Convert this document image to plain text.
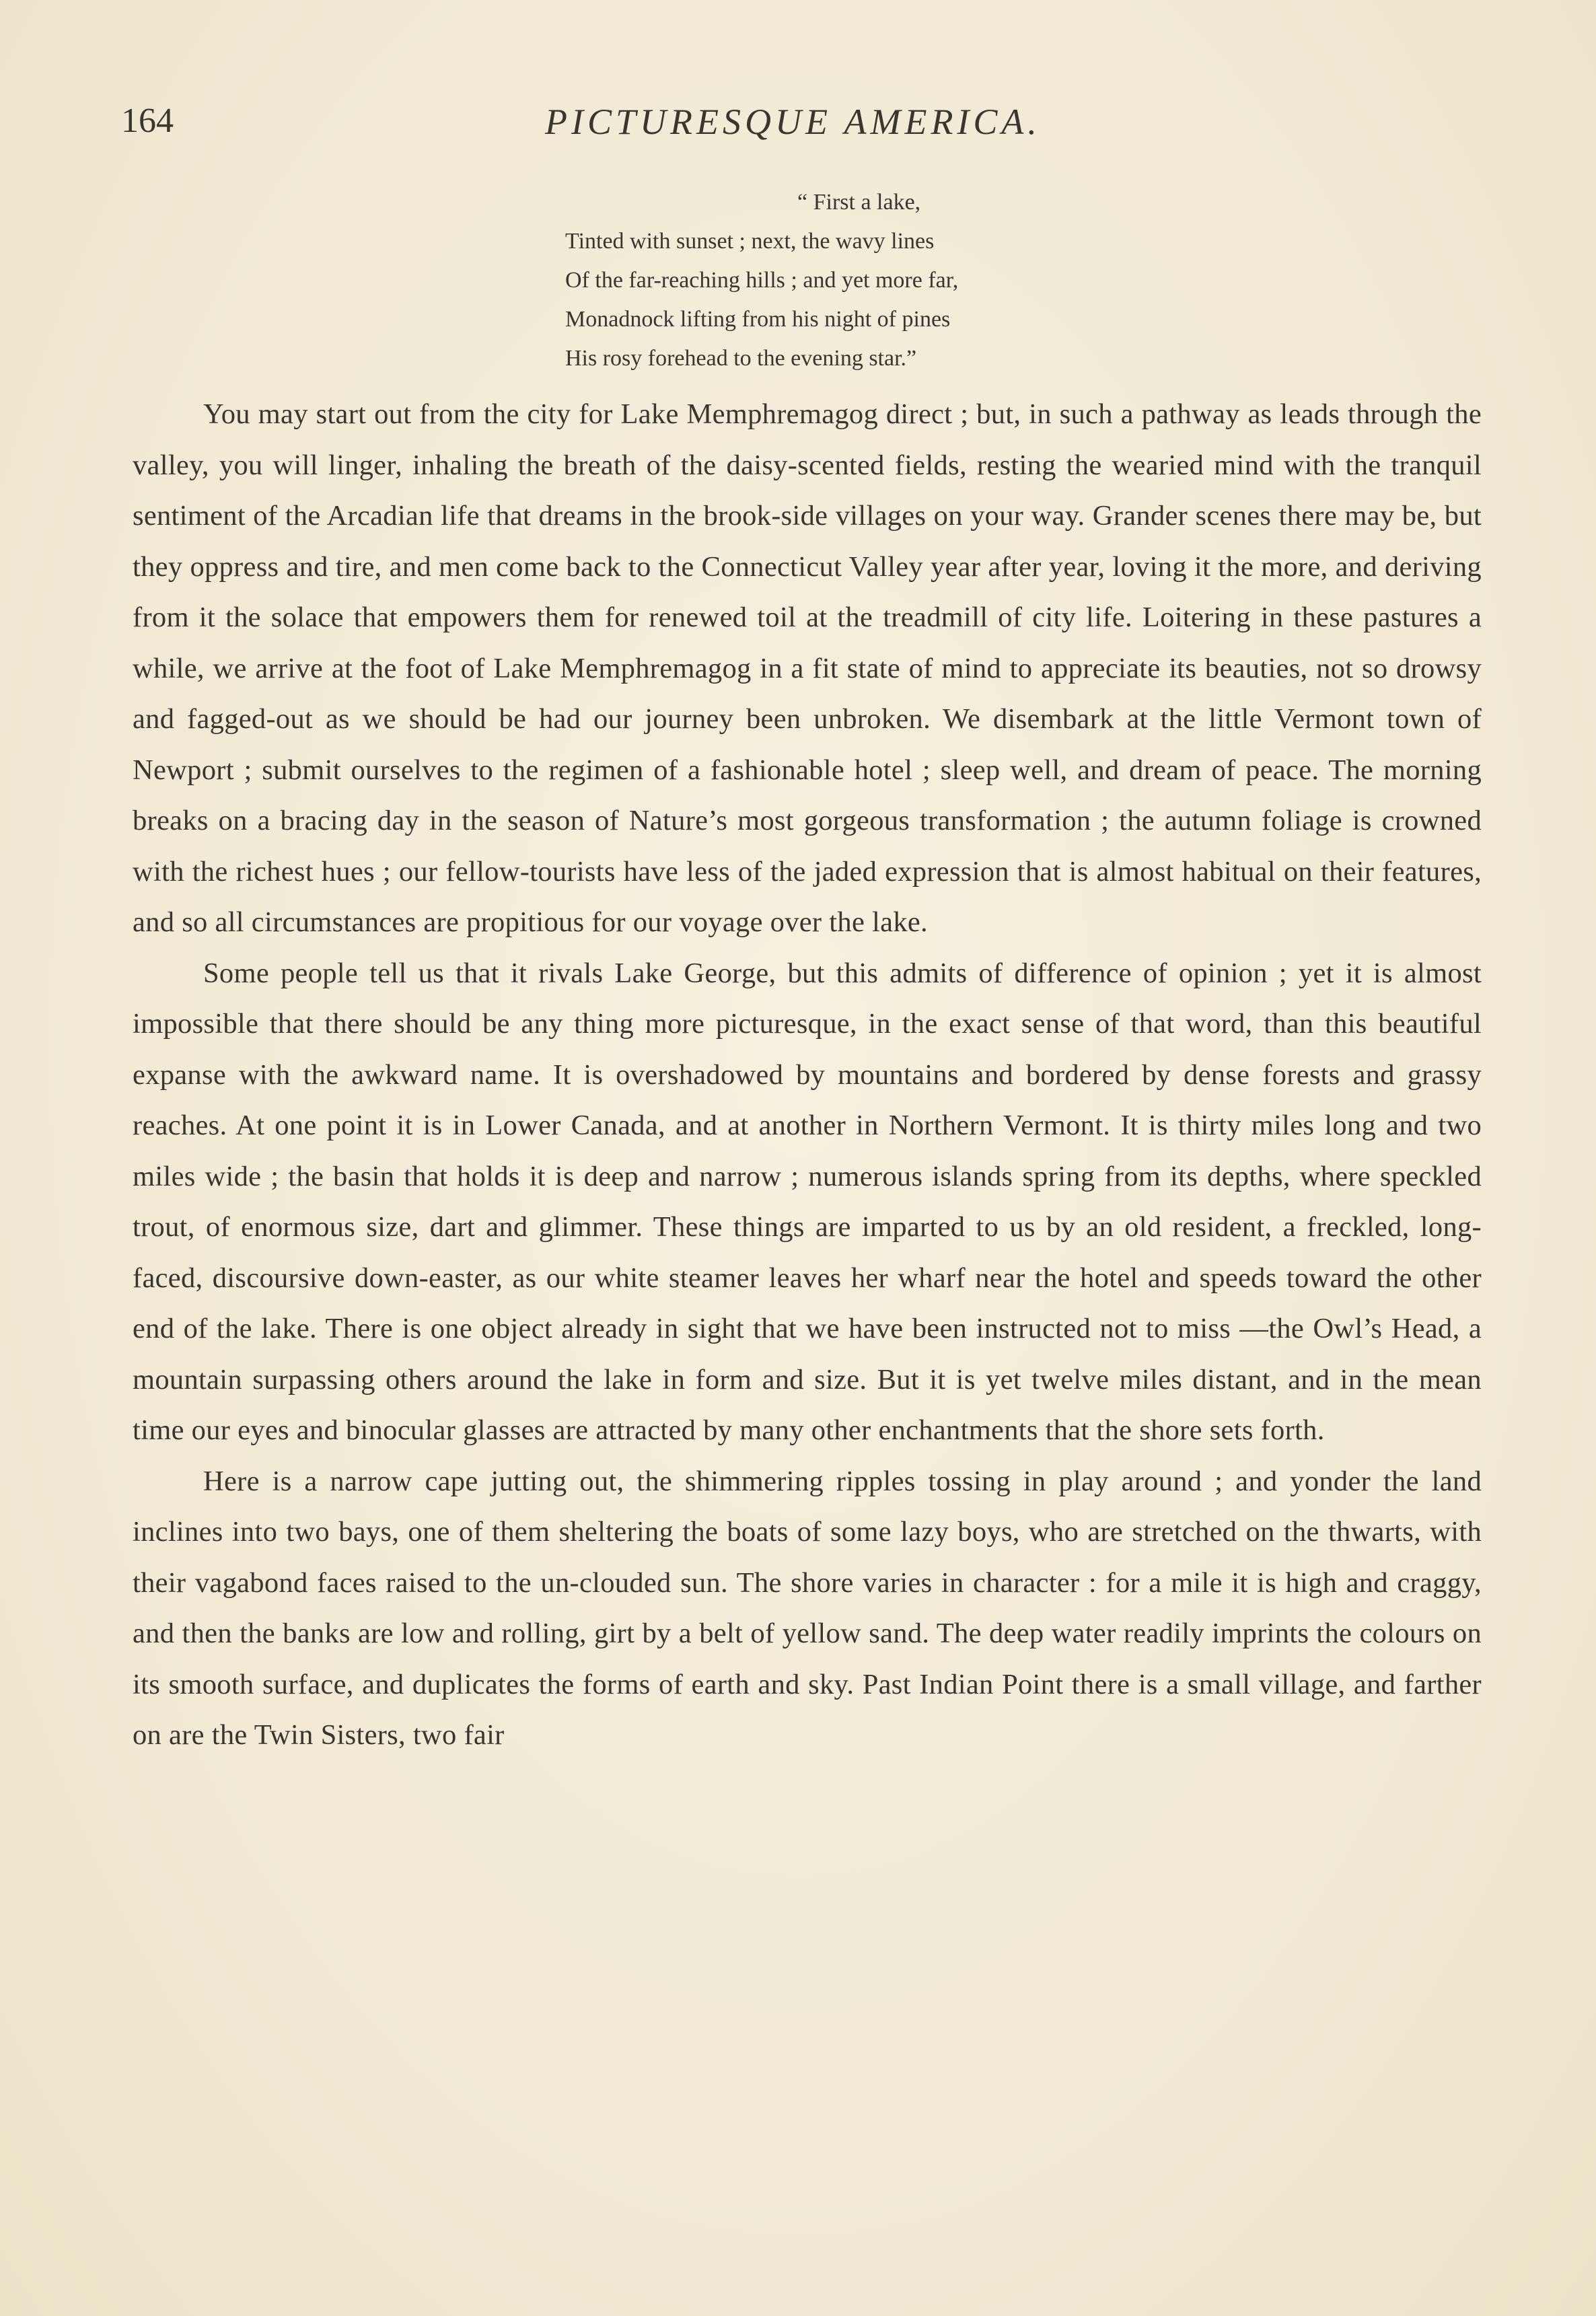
164	PICTURESQUE AMERICA.
“ First a lake,
Tinted with sunset ; next, the wavy lines
Of the far-reaching hills ; and yet more far,
Monadnock lifting from his night of pines
His rosy forehead to the evening star.”

You may start out from the city for Lake Memphremagog direct ; but, in such a pathway as leads through the valley, you will linger, inhaling the breath of the daisy-scented fields, resting the wearied mind with the tranquil sentiment of the Arcadian life that dreams in the brook-side villages on your way. Grander scenes there may be, but they oppress and tire, and men come back to the Connecticut Valley year after year, loving it the more, and deriving from it the solace that empowers them for renewed toil at the treadmill of city life. Loitering in these pastures a while, we arrive at the foot of Lake Memphremagog in a fit state of mind to appreciate its beauties, not so drowsy and fagged-out as we should be had our journey been unbroken. We disembark at the little Vermont town of Newport ; submit ourselves to the regimen of a fashionable hotel ; sleep well, and dream of peace. The morning breaks on a bracing day in the season of Nature’s most gorgeous transformation ; the autumn foliage is crowned with the richest hues ; our fellow-tourists have less of the jaded expression that is almost habitual on their features, and so all circumstances are propitious for our voyage over the lake.

Some people tell us that it rivals Lake George, but this admits of difference of opinion ; yet it is almost impossible that there should be any thing more picturesque, in the exact sense of that word, than this beautiful expanse with the awkward name. It is overshadowed by mountains and bordered by dense forests and grassy reaches. At one point it is in Lower Canada, and at another in Northern Vermont. It is thirty miles long and two miles wide ; the basin that holds it is deep and narrow ; numerous islands spring from its depths, where speckled trout, of enormous size, dart and glimmer. These things are imparted to us by an old resident, a freckled, long-faced, discoursive down-easter, as our white steamer leaves her wharf near the hotel and speeds toward the other end of the lake. There is one object already in sight that we have been instructed not to miss —the Owl’s Head, a mountain surpassing others around the lake in form and size. But it is yet twelve miles distant, and in the mean time our eyes and binocular glasses are attracted by many other enchantments that the shore sets forth.

Here is a narrow cape jutting out, the shimmering ripples tossing in play around ; and yonder the land inclines into two bays, one of them sheltering the boats of some lazy boys, who are stretched on the thwarts, with their vagabond faces raised to the un-clouded sun. The shore varies in character : for a mile it is high and craggy, and then the banks are low and rolling, girt by a belt of yellow sand. The deep water readily imprints the colours on its smooth surface, and duplicates the forms of earth and sky. Past Indian Point there is a small village, and farther on are the Twin Sisters, two fair
